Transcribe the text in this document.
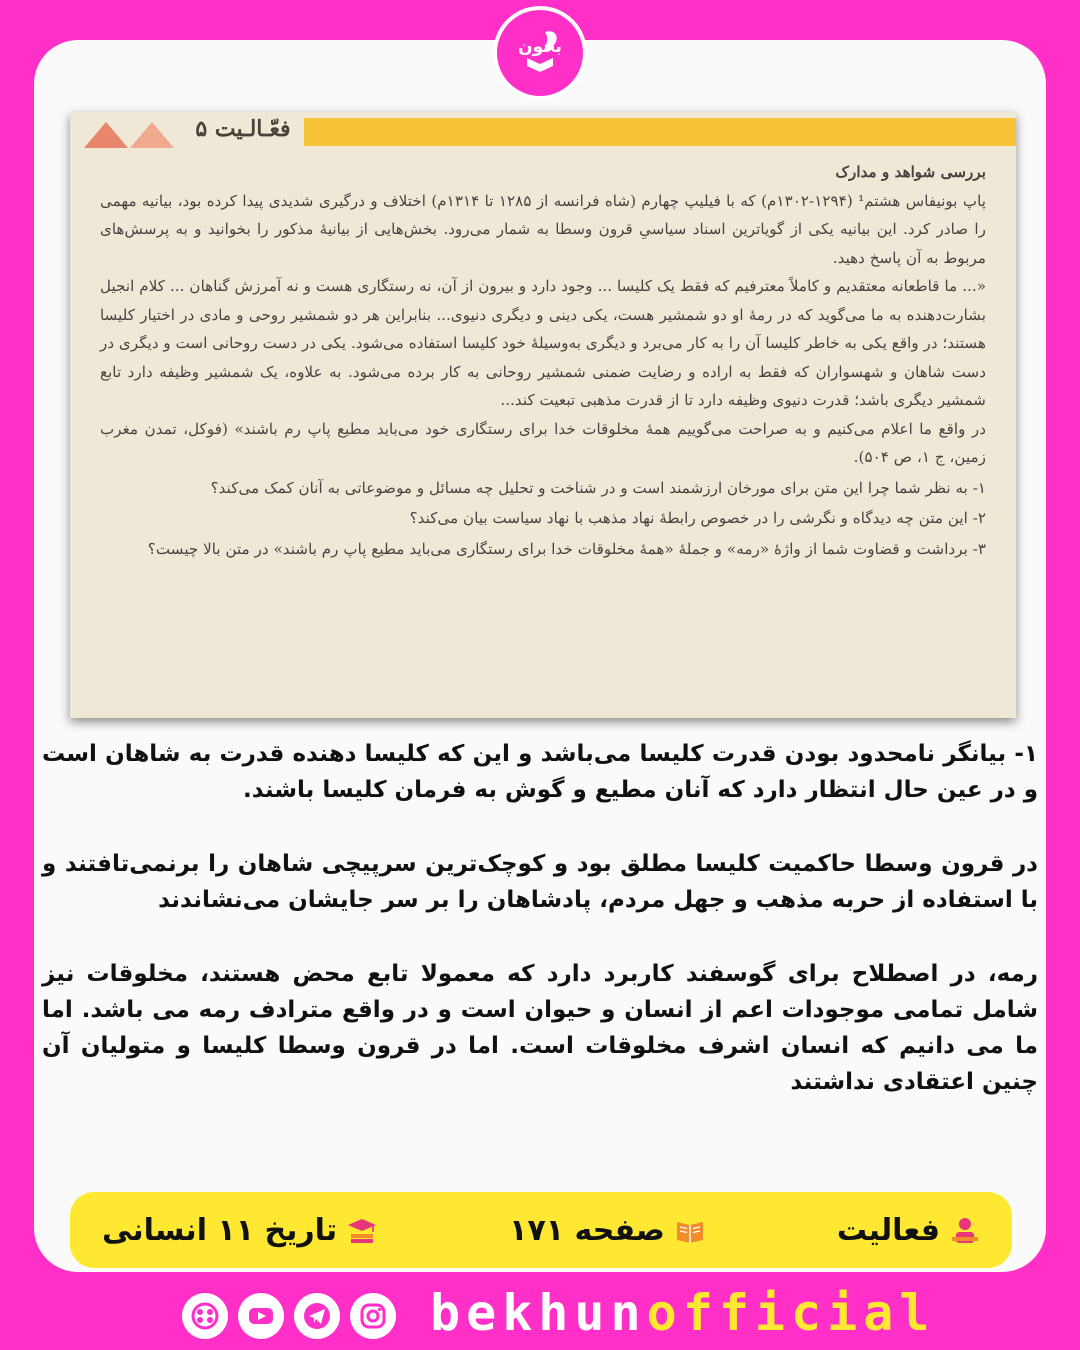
بخون
فعّـالـیت ۵

بررسی شواهد و مدارک

پاپ بونیفاس هشتم¹ (۱۲۹۴-۱۳۰۲م) که با فیلیپ چهارم (شاه فرانسه از ۱۲۸۵ تا ۱۳۱۴م) اختلاف و درگیری شدیدی پیدا کرده بود، بیانیه مهمی را صادر کرد. این بیانیه یکی از گویاترین اسناد سیاسیِ قرون وسطا به شمار می‌رود. بخش‌هایی از بیانیهٔ مذکور را بخوانید و به پرسش‌های مربوط به آن پاسخ دهید.

«... ما قاطعانه معتقدیم و کاملاً معترفیم که فقط یک کلیسا ... وجود دارد و بیرون از آن، نه رستگاری هست و نه آمرزش گناهان ... کلام انجیل بشارت‌دهنده به ما می‌گوید که در رمهٔ او دو شمشیر هست، یکی دینی و دیگری دنیوی... بنابراین هر دو شمشیر روحی و مادی در اختیار کلیسا هستند؛ در واقع یکی به خاطر کلیسا آن را به کار می‌برد و دیگری به‌وسیلهٔ خود کلیسا استفاده می‌شود. یکی در دست روحانی است و دیگری در دست شاهان و شهسواران که فقط به اراده و رضایت ضمنی شمشیر روحانی به کار برده می‌شود. به علاوه، یک شمشیر وظیفه دارد تابع شمشیر دیگری باشد؛ قدرت دنیوی وظیفه دارد تا از قدرت مذهبی تبعیت کند...

در واقع ما اعلام می‌کنیم و به صراحت می‌گوییم همهٔ مخلوقات خدا برای رستگاری خود می‌باید مطیع پاپ رم باشند» (فوکل، تمدن مغرب زمین، ج ۱، ص ۵۰۴).

۱- به نظر شما چرا این متن برای مورخان ارزشمند است و در شناخت و تحلیل چه مسائل و موضوعاتی به آنان کمک می‌کند؟

۲- این متن چه دیدگاه و نگرشی را در خصوص رابطهٔ نهاد مذهب با نهاد سیاست بیان می‌کند؟

۳- برداشت و قضاوت شما از واژهٔ «رمه» و جملهٔ «همهٔ مخلوقات خدا برای رستگاری می‌باید مطیع پاپ رم باشند» در متن بالا چیست؟

۱- بیانگر نامحدود بودن قدرت کلیسا می‌باشد و این که کلیسا دهنده قدرت به شاهان است و در عین حال انتظار دارد که آنان مطیع و گوش به فرمان کلیسا باشند.

در قرون وسطا حاکمیت کلیسا مطلق بود و کوچک‌ترین سرپیچی شاهان را برنمی‌تافتند و با استفاده از حربه مذهب و جهل مردم، پادشاهان را بر سر جایشان می‌نشاندند

رمه، در اصطلاح برای گوسفند کاربرد دارد که معمولا تابع محض هستند، مخلوقات نیز شامل تمامی موجودات اعم از انسان و حیوان است و در واقع مترادف رمه می باشد. اما ما می دانیم که انسان اشرف مخلوقات است. اما در قرون وسطا کلیسا و متولیان آن چنین اعتقادی نداشتند

فعالیت
صفحه ۱۷۱
تاریخ ۱۱ انسانی
bekhunofficial
